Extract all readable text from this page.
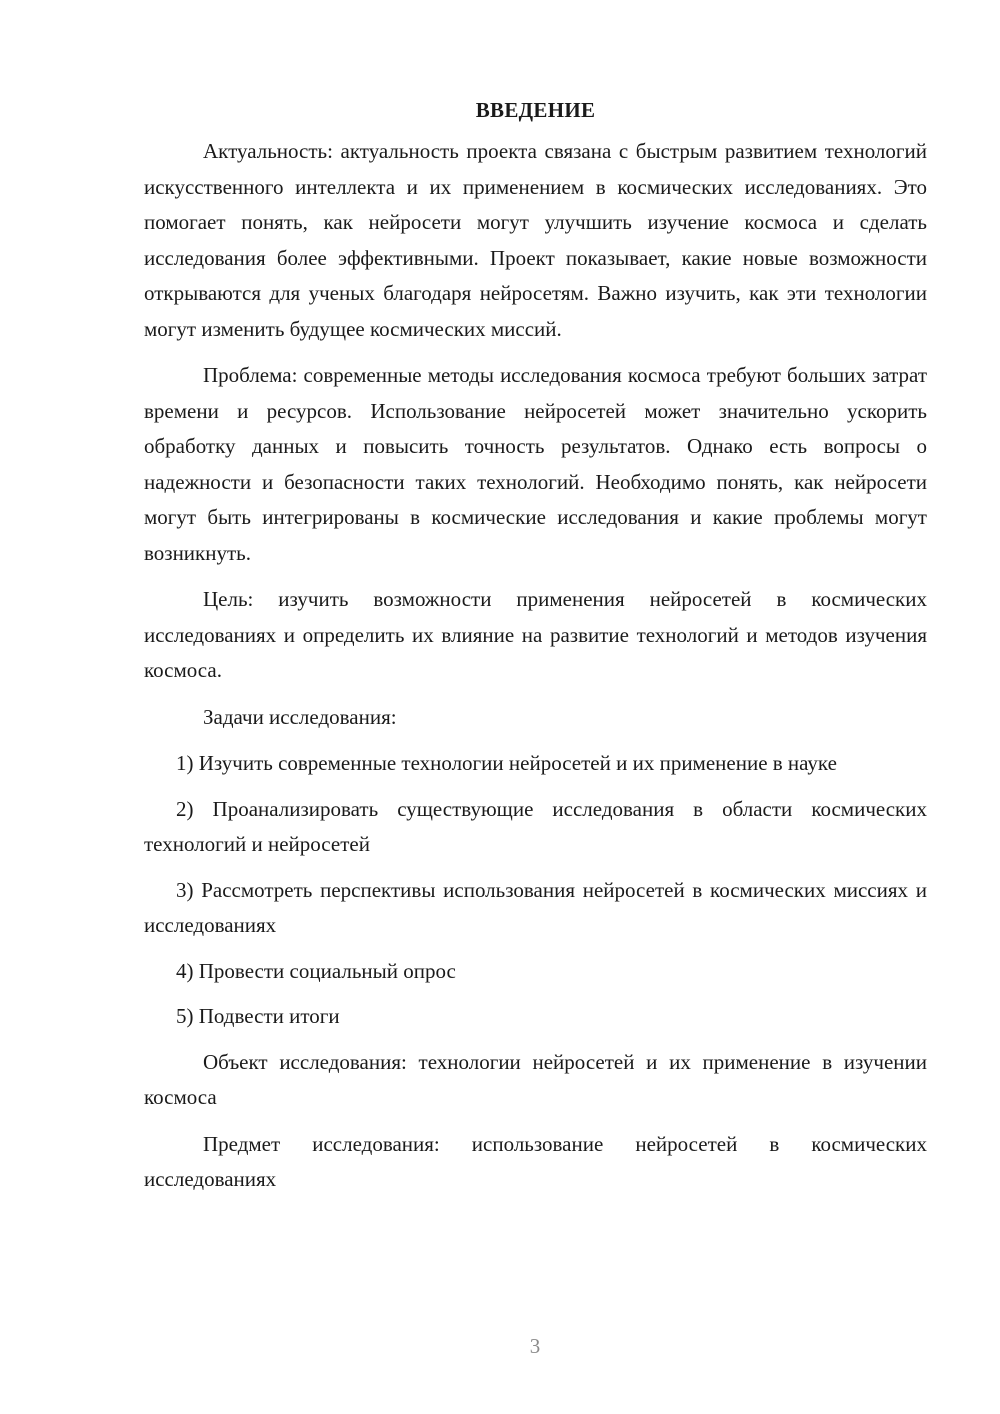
ВВЕДЕНИЕ

Актуальность: актуальность проекта связана с быстрым развитием технологий искусственного интеллекта и их применением в космических исследованиях. Это помогает понять, как нейросети могут улучшить изучение космоса и сделать исследования более эффективными. Проект показывает, какие новые возможности открываются для ученых благодаря нейросетям. Важно изучить, как эти технологии могут изменить будущее космических миссий.

Проблема: современные методы исследования космоса требуют больших затрат времени и ресурсов. Использование нейросетей может значительно ускорить обработку данных и повысить точность результатов. Однако есть вопросы о надежности и безопасности таких технологий. Необходимо понять, как нейросети могут быть интегрированы в космические исследования и какие проблемы могут возникнуть.

Цель: изучить возможности применения нейросетей в космических исследованиях и определить их влияние на развитие технологий и методов изучения космоса.

Задачи исследования:

1) Изучить современные технологии нейросетей и их применение в науке

2) Проанализировать существующие исследования в области космических технологий и нейросетей

3) Рассмотреть перспективы использования нейросетей в космических миссиях и исследованиях

4) Провести социальный опрос

5) Подвести итоги

Объект исследования: технологии нейросетей и их применение в изучении космоса

Предмет исследования: использование нейросетей в космических исследованиях

3
